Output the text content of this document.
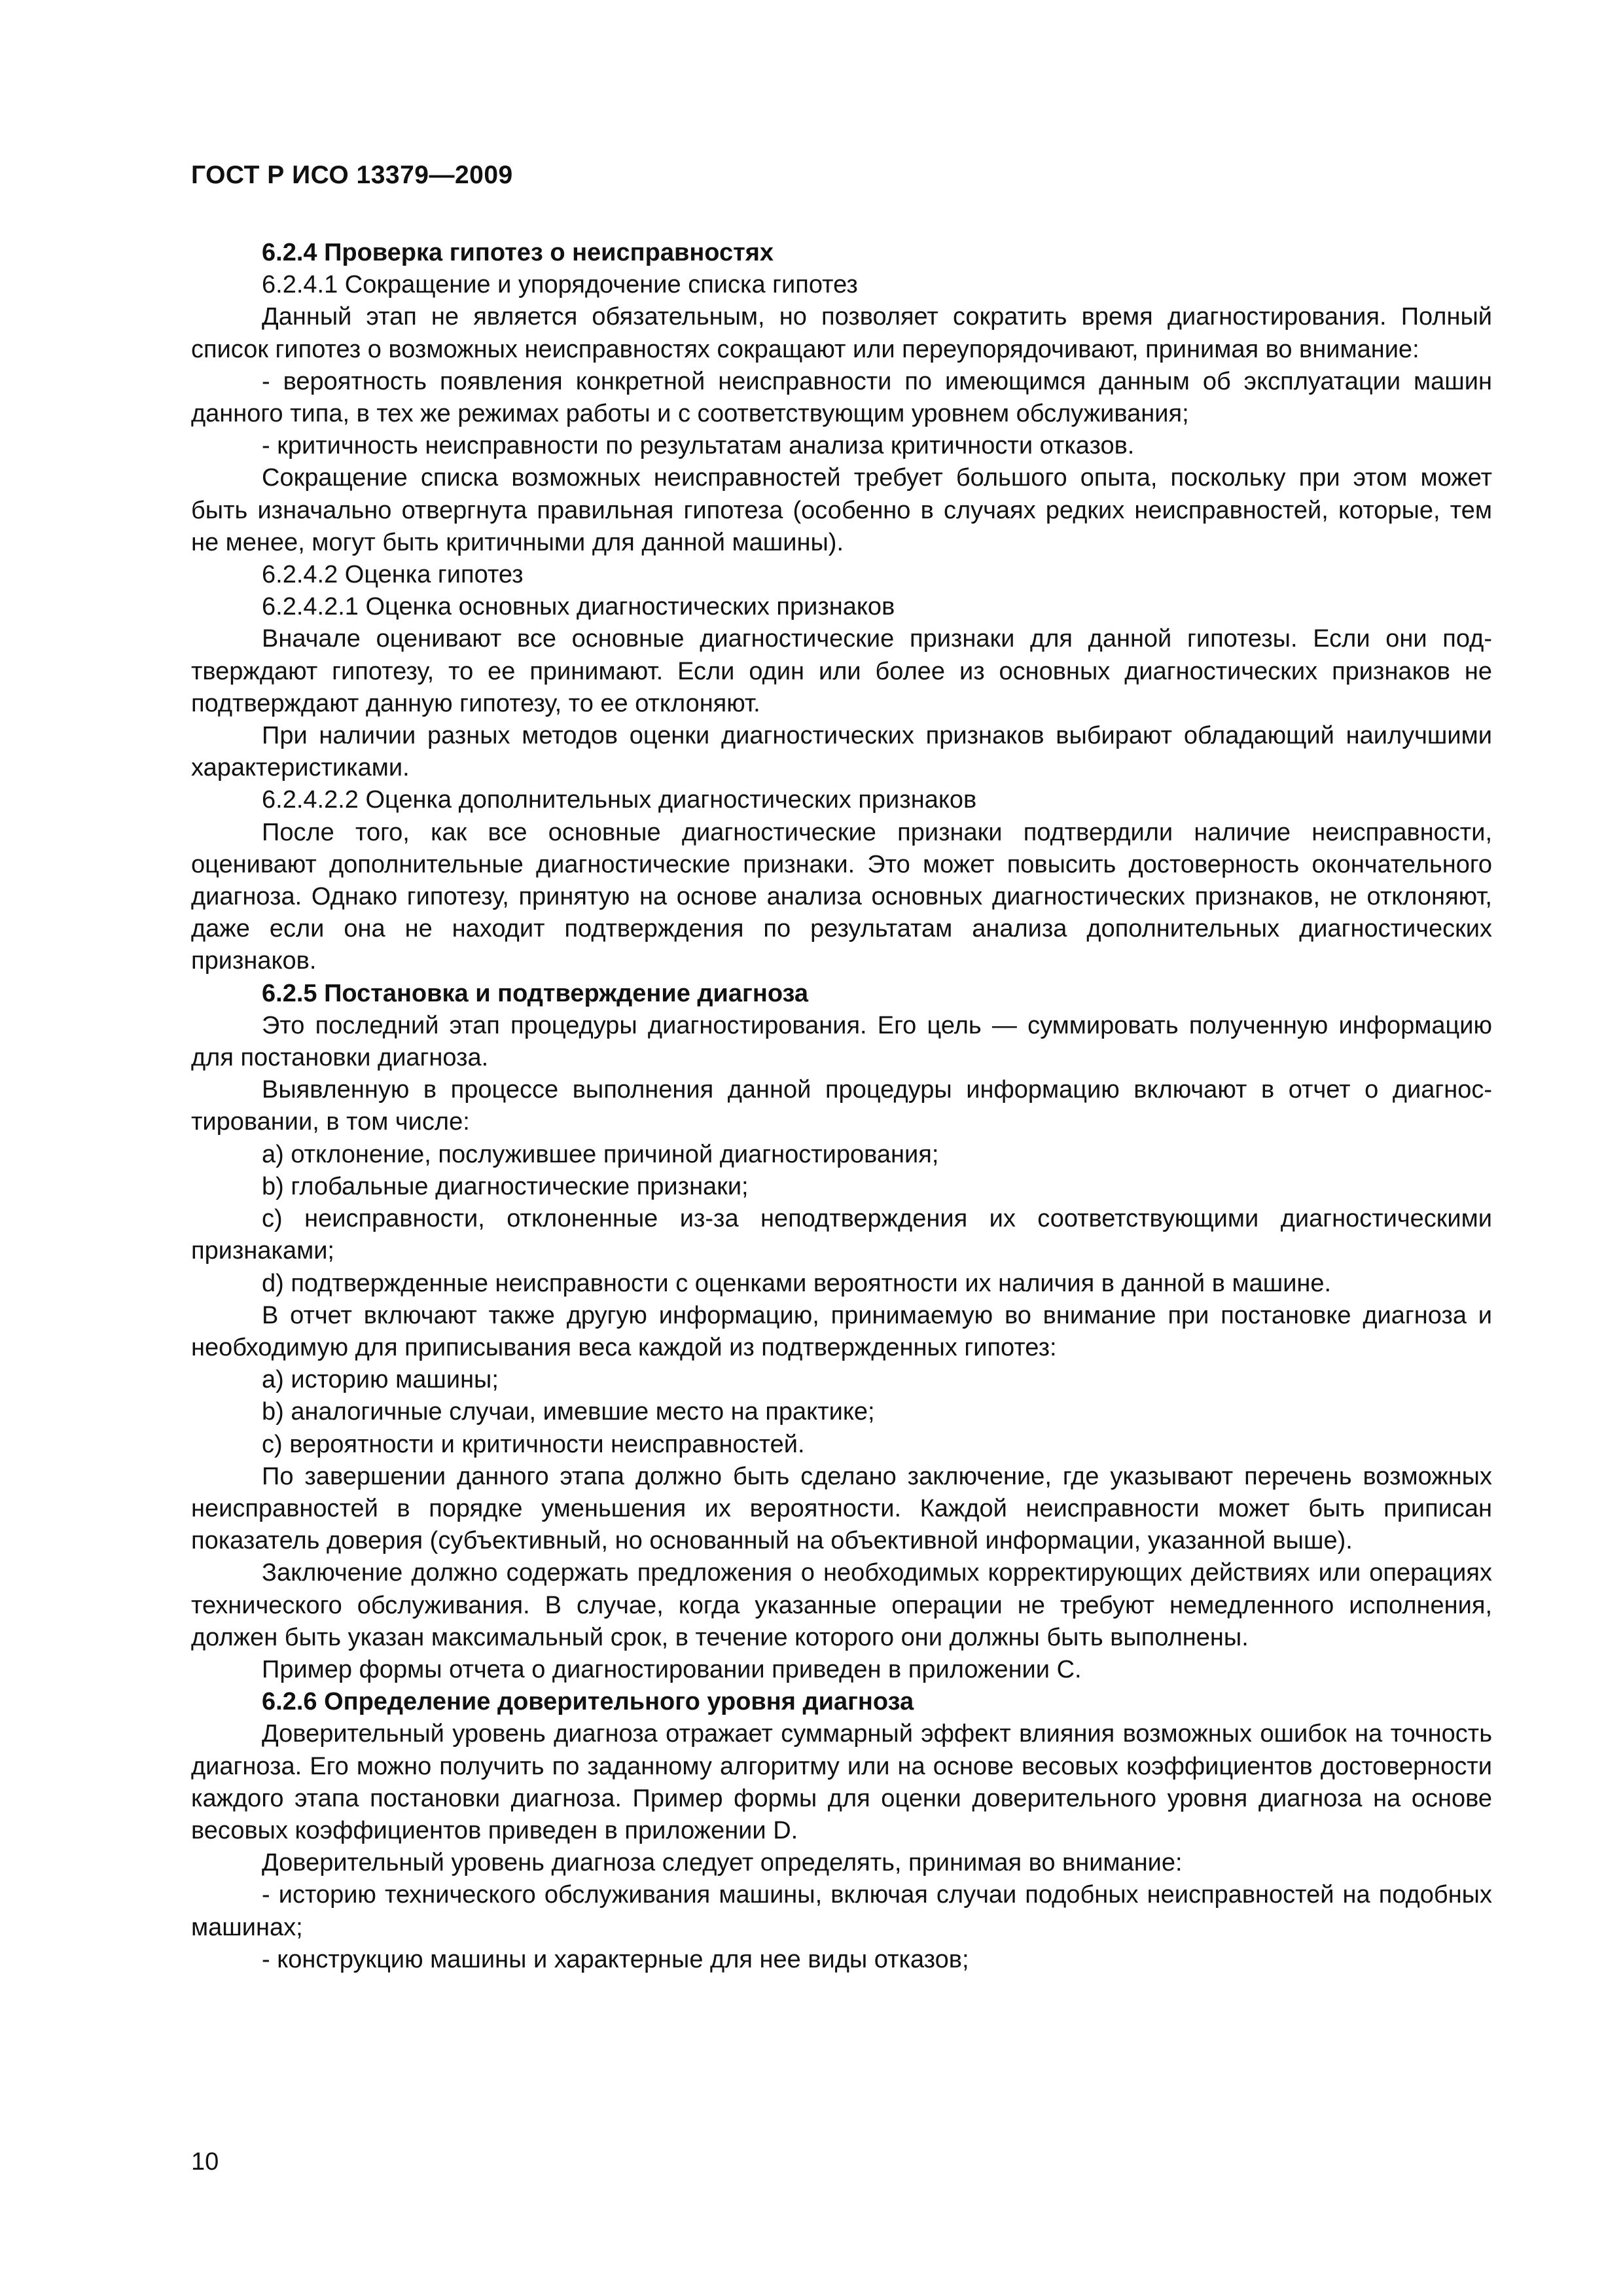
ГОСТ Р ИСО 13379—2009

6.2.4 Проверка гипотез о неисправностях

6.2.4.1 Сокращение и упорядочение списка гипотез

Данный этап не является обязательным, но позволяет сократить время диагностирования. Полный список гипотез о возможных неисправностях сокращают или переупорядочивают, принимая во внимание:

- вероятность появления конкретной неисправности по имеющимся данным об эксплуатации машин данного типа, в тех же режимах работы и с соответствующим уровнем обслуживания;

- критичность неисправности по результатам анализа критичности отказов.

Сокращение списка возможных неисправностей требует большого опыта, поскольку при этом может быть изначально отвергнута правильная гипотеза (особенно в случаях редких неисправностей, которые, тем не менее, могут быть критичными для данной машины).

6.2.4.2 Оценка гипотез

6.2.4.2.1 Оценка основных диагностических признаков

Вначале оценивают все основные диагностические признаки для данной гипотезы. Если они подтверждают гипотезу, то ее принимают. Если один или более из основных диагностических признаков не подтверждают данную гипотезу, то ее отклоняют.

При наличии разных методов оценки диагностических признаков выбирают обладающий наилучшими характеристиками.

6.2.4.2.2 Оценка дополнительных диагностических признаков

После того, как все основные диагностические признаки подтвердили наличие неисправности, оценивают дополнительные диагностические признаки. Это может повысить достоверность окончательного диагноза. Однако гипотезу, принятую на основе анализа основных диагностических признаков, не отклоняют, даже если она не находит подтверждения по результатам анализа дополнительных диагностических признаков.

6.2.5 Постановка и подтверждение диагноза

Это последний этап процедуры диагностирования. Его цель — суммировать полученную информацию для постановки диагноза.

Выявленную в процессе выполнения данной процедуры информацию включают в отчет о диагностировании, в том числе:

a) отклонение, послужившее причиной диагностирования;

b) глобальные диагностические признаки;

c) неисправности, отклоненные из-за неподтверждения их соответствующими диагностическими признаками;

d) подтвержденные неисправности с оценками вероятности их наличия в данной в машине.

В отчет включают также другую информацию, принимаемую во внимание при постановке диагноза и необходимую для приписывания веса каждой из подтвержденных гипотез:

a) историю машины;

b) аналогичные случаи, имевшие место на практике;

c) вероятности и критичности неисправностей.

По завершении данного этапа должно быть сделано заключение, где указывают перечень возможных неисправностей в порядке уменьшения их вероятности. Каждой неисправности может быть приписан показатель доверия (субъективный, но основанный на объективной информации, указанной выше).

Заключение должно содержать предложения о необходимых корректирующих действиях или операциях технического обслуживания. В случае, когда указанные операции не требуют немедленного исполнения, должен быть указан максимальный срок, в течение которого они должны быть выполнены.

Пример формы отчета о диагностировании приведен в приложении С.

6.2.6 Определение доверительного уровня диагноза

Доверительный уровень диагноза отражает суммарный эффект влияния возможных ошибок на точность диагноза. Его можно получить по заданному алгоритму или на основе весовых коэффициентов достоверности каждого этапа постановки диагноза. Пример формы для оценки доверительного уровня диагноза на основе весовых коэффициентов приведен в приложении D.

Доверительный уровень диагноза следует определять, принимая во внимание:

- историю технического обслуживания машины, включая случаи подобных неисправностей на подобных машинах;

- конструкцию машины и характерные для нее виды отказов;

10
